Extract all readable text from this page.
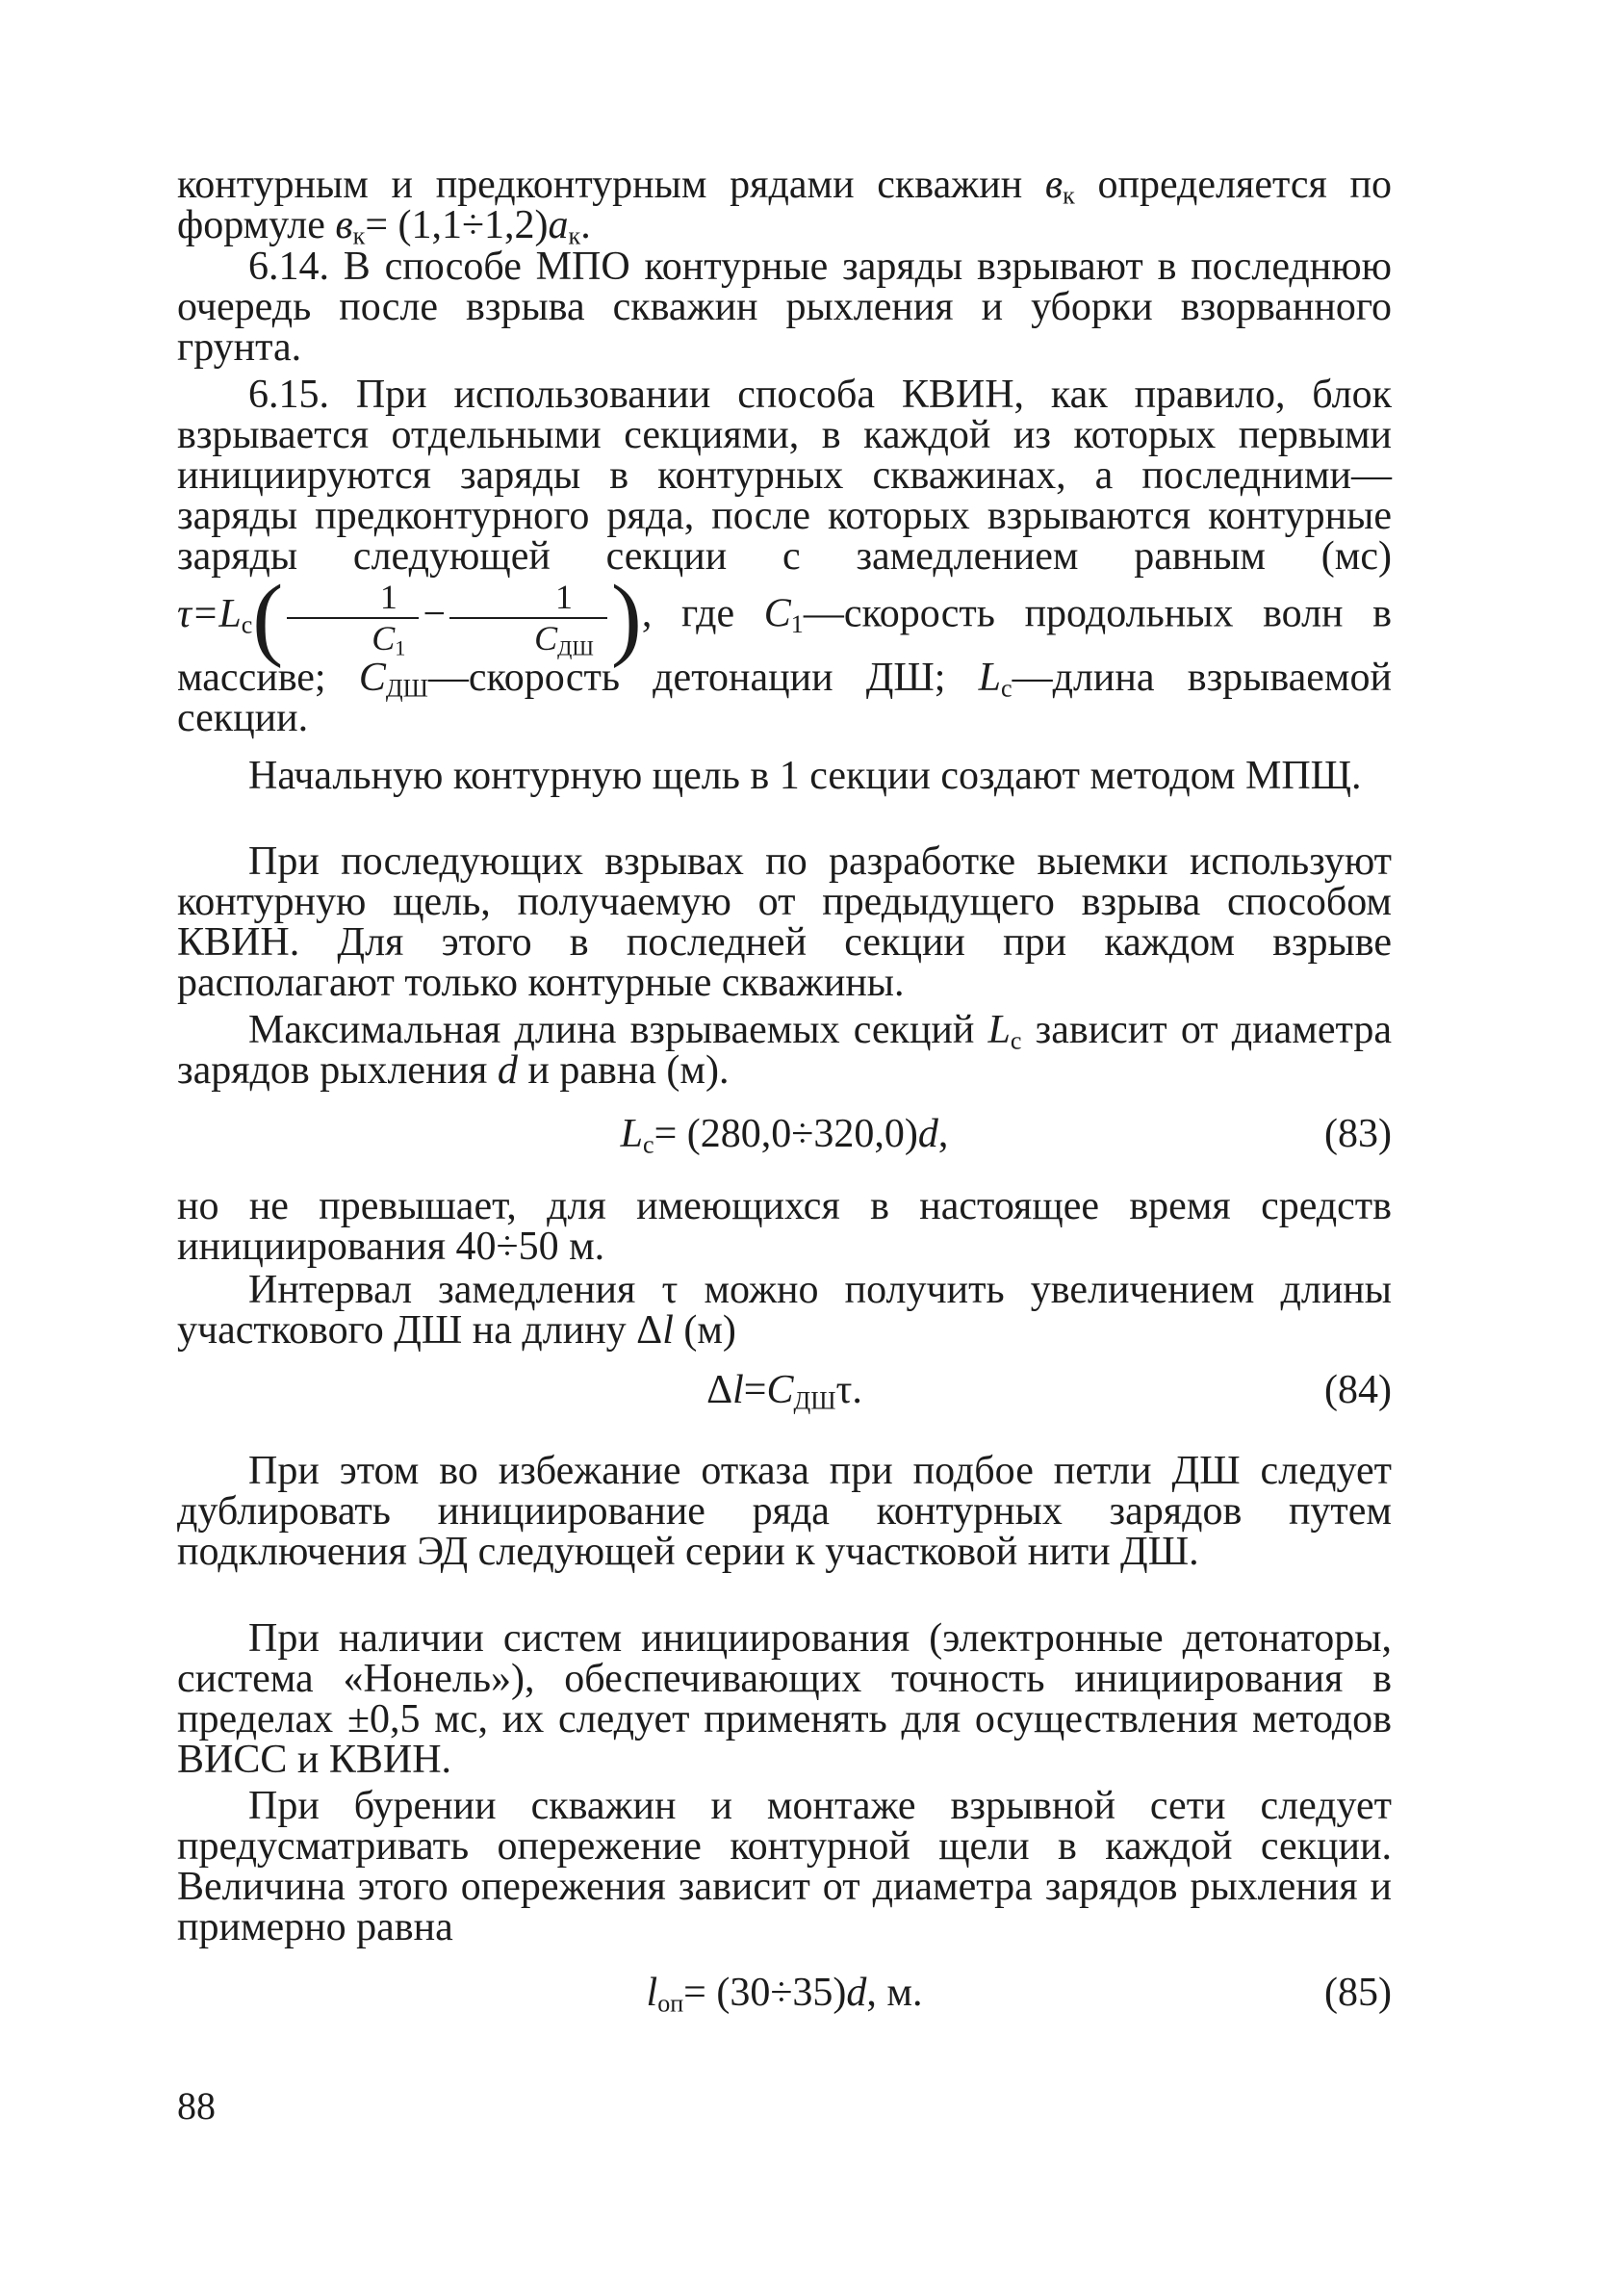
контурным и предконтурным рядами скважин $в_к$ определяется по формуле $в_к= (1,1\div 1,2)a_к$.

6.14. В способе МПО контурные заряды взрывают в последнюю очередь после взрыва скважин рыхления и уборки взорванного грунта.

6.15. При использовании способа КВИН, как правило, блок взрывается отдельными секциями, в каждой из которых первыми инициируются заряды в контурных скважинах, а последними—заряды предконтурного ряда, после которых взрываются контурные заряды следующей секции с замедлением равным (мс) $\tau=L_c( \frac{1}{C_1} - \frac{1}{C_{ДШ}}$ ), где $C_1—скорость$ продольных волн в массиве; $C_{ДШ}—скорость$ детонации ДШ; $L_c—длина$ взрываемой секции.

Начальную контурную щель в 1 секции создают методом МПЩ.

При последующих взрывах по разработке выемки используют контурную щель, получаемую от предыдущего взрыва способом КВИН. Для этого в последней секции при каждом взрыве располагают только контурные скважины.

Максимальная длина взрываемых секций $L_c$ зависит от диаметра зарядов рыхления d и равна (м).

$L_c= (280,0\div 320,0)d$,	(83)

но не превышает, для имеющихся в настоящее время средств инициирования 40÷50 м.

Интервал замедления τ можно получить увеличением длины участкового ДШ на длину Δl (м)

$\Delta l=C_{ДШ}\tau$.	(84)

При этом во избежание отказа при подбое петли ДШ следует дублировать инициирование ряда контурных зарядов путем подключения ЭД следующей серии к участковой нити ДШ.

При наличии систем инициирования (электронные детонаторы, система «Нонель»), обеспечивающих точность инициирования в пределах ±0,5 мс, их следует применять для осуществления методов ВИСС и КВИН.

При бурении скважин и монтаже взрывной сети следует предусматривать опережение контурной щели в каждой секции. Величина этого опережения зависит от диаметра зарядов рыхления и примерно равна

$l_{оп}= (30\div 35)d$, м.	(85)
88
